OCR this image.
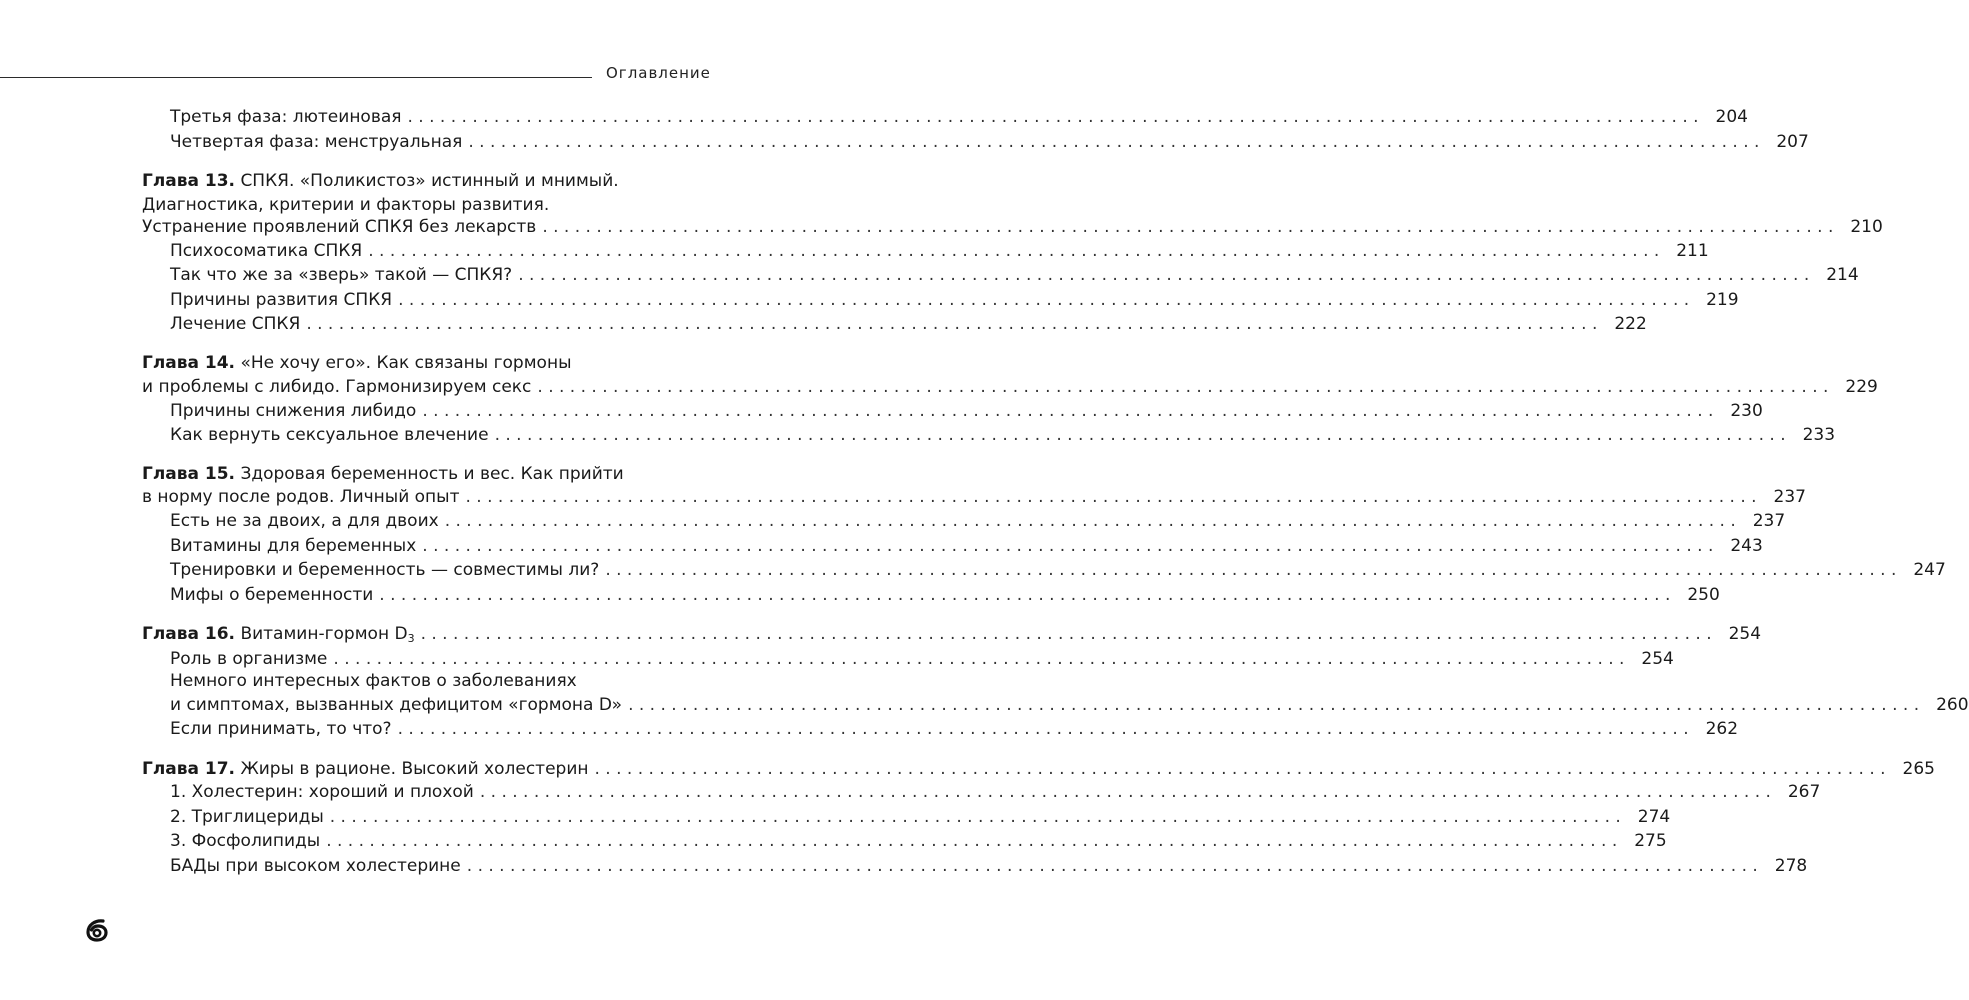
Оглавление
Третья фаза: лютеиновая ........................................................................................................................ 204
Четвертая фаза: менструальная ........................................................................................................................ 207
Глава 13. СПКЯ. «Поликистоз» истинный и мнимый.
Диагностика, критерии и факторы развития.
Устранение проявлений СПКЯ без лекарств ........................................................................................................................ 210
Психосоматика СПКЯ ........................................................................................................................ 211
Так что же за «зверь» такой — СПКЯ? ........................................................................................................................ 214
Причины развития СПКЯ ........................................................................................................................ 219
Лечение СПКЯ ........................................................................................................................ 222
Глава 14. «Не хочу его». Как связаны гормоны
и проблемы с либидо. Гармонизируем секс ........................................................................................................................ 229
Причины снижения либидо ........................................................................................................................ 230
Как вернуть сексуальное влечение ........................................................................................................................ 233
Глава 15. Здоровая беременность и вес. Как прийти
в норму после родов. Личный опыт ........................................................................................................................ 237
Есть не за двоих, а для двоих ........................................................................................................................ 237
Витамины для беременных ........................................................................................................................ 243
Тренировки и беременность — совместимы ли? ........................................................................................................................ 247
Мифы о беременности ........................................................................................................................ 250
Глава 16. Витамин-гормон $D_3$ ........................................................................................................................ 254
Роль в организме ........................................................................................................................ 254
Немного интересных фактов о заболеваниях
и симптомах, вызванных дефицитом «гормона D» ........................................................................................................................ 260
Если принимать, то что? ........................................................................................................................ 262
Глава 17. Жиры в рационе. Высокий холестерин ........................................................................................................................ 265
1. Холестерин: хороший и плохой ........................................................................................................................ 267
2. Триглицериды ........................................................................................................................ 274
3. Фосфолипиды ........................................................................................................................ 275
БАДы при высоком холестерине ........................................................................................................................ 278
